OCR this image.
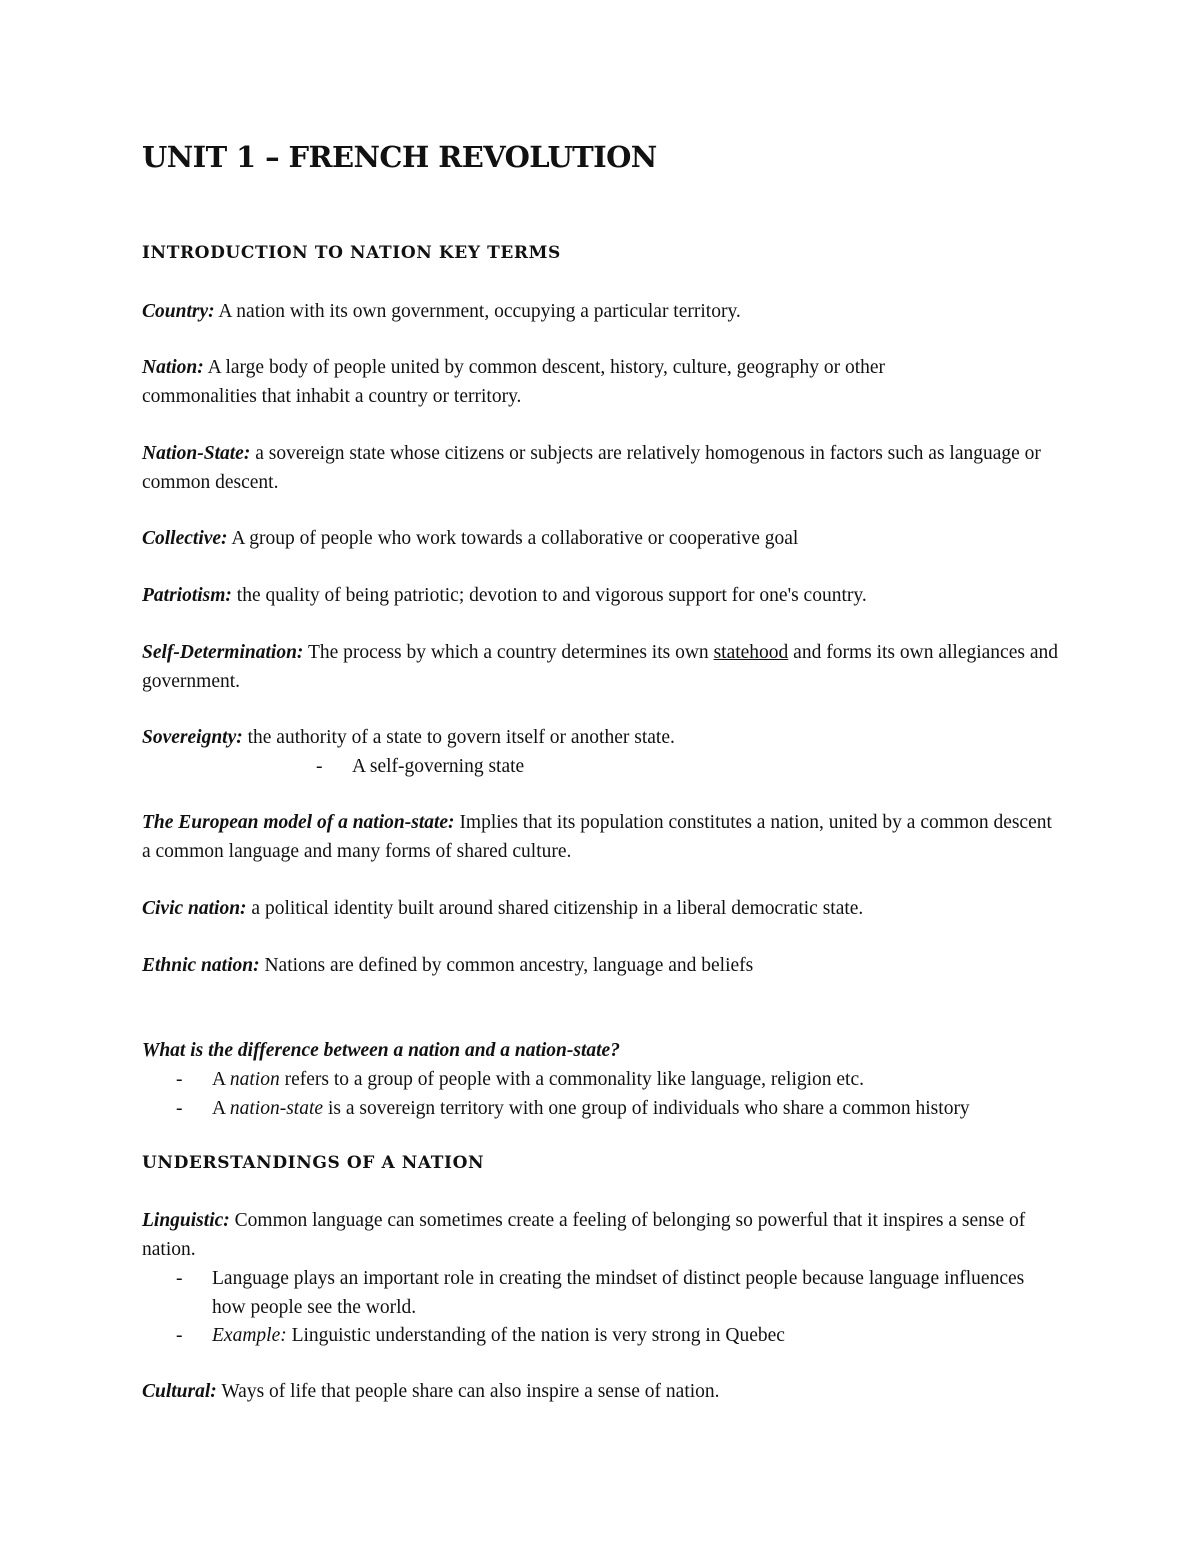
UNIT 1 – FRENCH REVOLUTION
INTRODUCTION TO NATION KEY TERMS

Country: A nation with its own government, occupying a particular territory.

Nation: A large body of people united by common descent, history, culture, geography or other commonalities that inhabit a country or territory.

Nation-State: a sovereign state whose citizens or subjects are relatively homogenous in factors such as language or common descent.

Collective: A group of people who work towards a collaborative or cooperative goal

Patriotism: the quality of being patriotic; devotion to and vigorous support for one's country.

Self-Determination: The process by which a country determines its own statehood and forms its own allegiances and government.

Sovereignty: the authority of a state to govern itself or another state.

-	A self-governing state

The European model of a nation-state: Implies that its population constitutes a nation, united by a common descent a common language and many forms of shared culture.

Civic nation: a political identity built around shared citizenship in a liberal democratic state.

Ethnic nation: Nations are defined by common ancestry, language and beliefs

What is the difference between a nation and a nation-state?

-	A nation refers to a group of people with a commonality like language, religion etc.
-	A nation-state is a sovereign territory with one group of individuals who share a common history
UNDERSTANDINGS OF A NATION

Linguistic: Common language can sometimes create a feeling of belonging so powerful that it inspires a sense of nation.

-	Language plays an important role in creating the mindset of distinct people because language influences how people see the world.
-	Example: Linguistic understanding of the nation is very strong in Quebec

Cultural: Ways of life that people share can also inspire a sense of nation.
